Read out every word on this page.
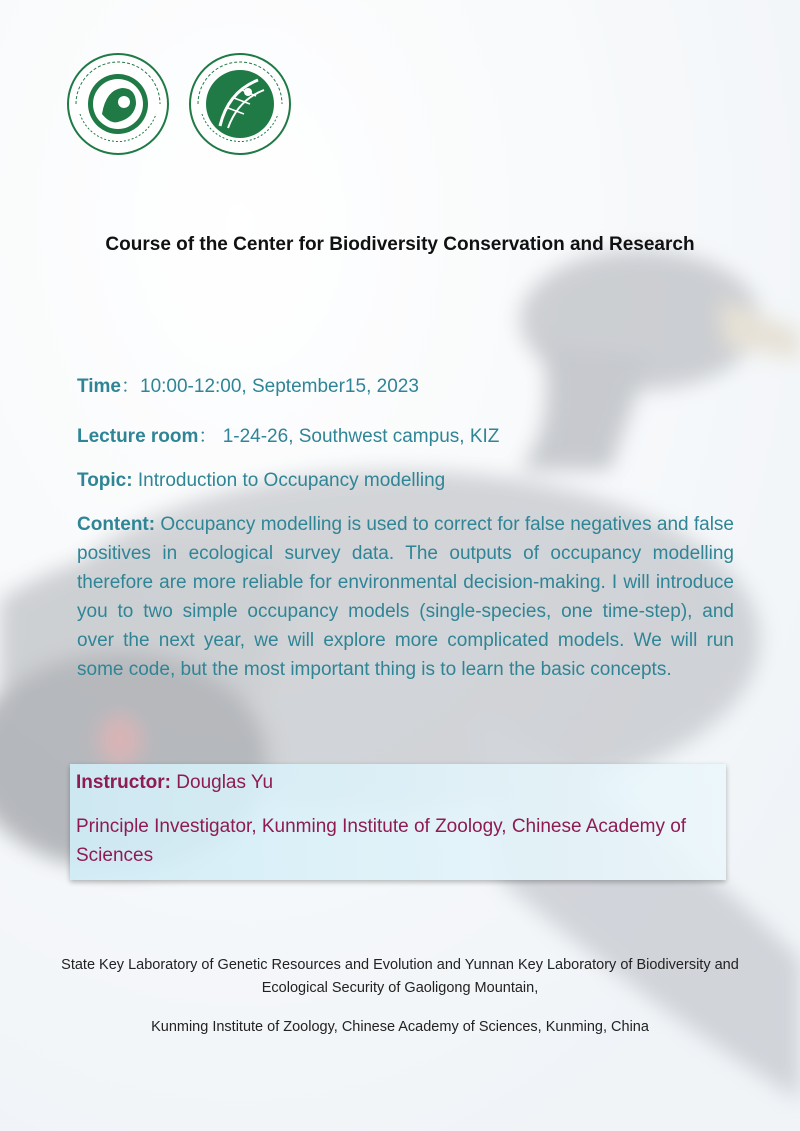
Course of the Center for Biodiversity Conservation and Research
Time：10:00-12:00, September15, 2023
Lecture room： 1-24-26, Southwest campus, KIZ
Topic: Introduction to Occupancy modelling
Content: Occupancy modelling is used to correct for false negatives and false positives in ecological survey data. The outputs of occupancy modelling therefore are more reliable for environmental decision-making. I will introduce you to two simple occupancy models (single-species, one time-step), and over the next year, we will explore more complicated models. We will run some code, but the most important thing is to learn the basic concepts.
Instructor: Douglas Yu
Principle Investigator, Kunming Institute of Zoology, Chinese Academy of Sciences
State Key Laboratory of Genetic Resources and Evolution and Yunnan Key Laboratory of Biodiversity and Ecological Security of Gaoligong Mountain,
Kunming Institute of Zoology, Chinese Academy of Sciences, Kunming, China
